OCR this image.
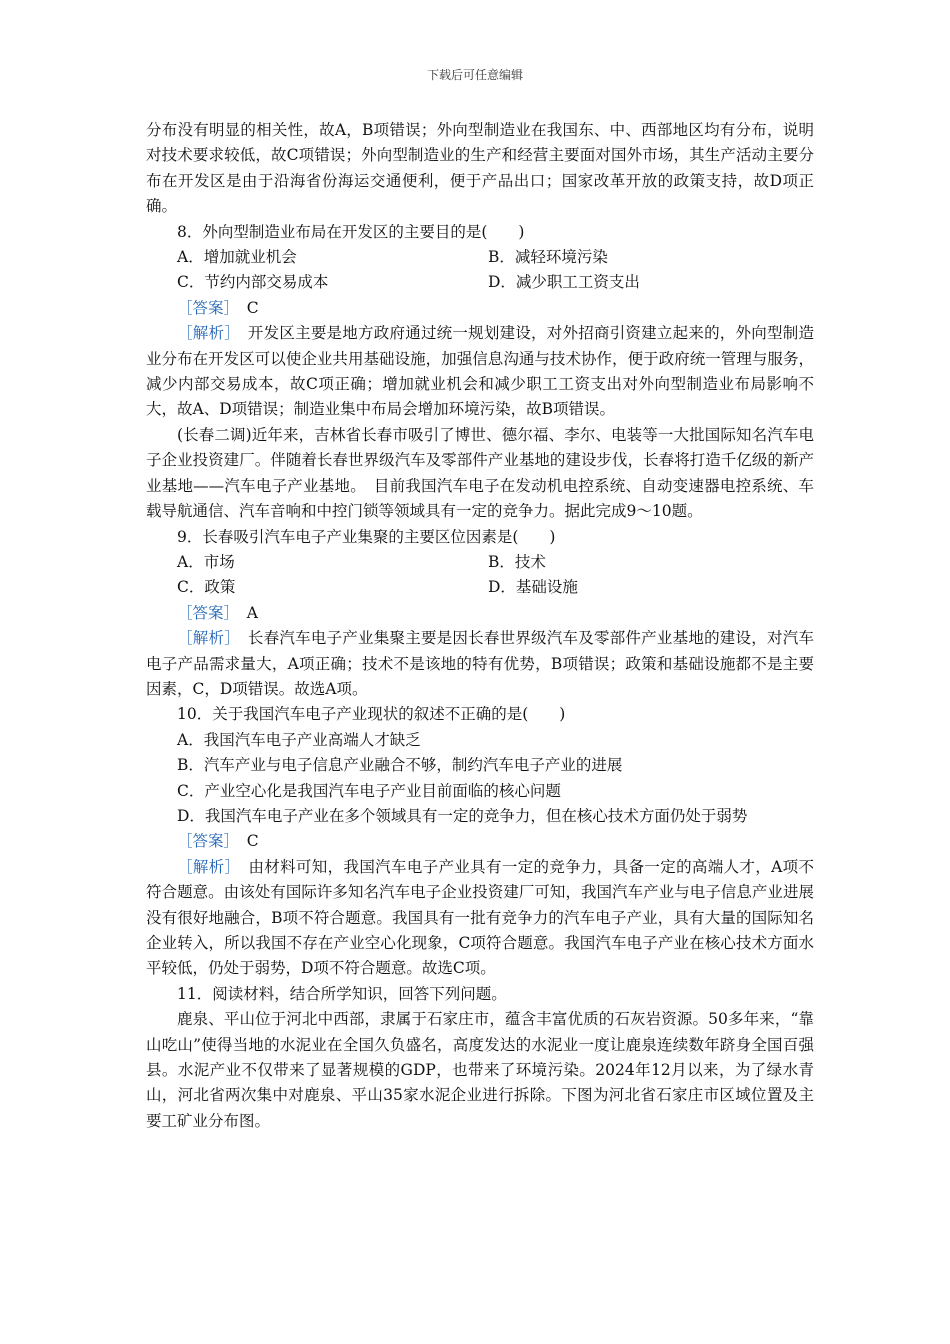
下载后可任意编辑

分布没有明显的相关性，故A，B项错误；外向型制造业在我国东、中、西部地区均有分布，说明对技术要求较低，故C项错误；外向型制造业的生产和经营主要面对国外市场，其生产活动主要分布在开发区是由于沿海省份海运交通便利，便于产品出口；国家改革开放的政策支持，故D项正确。

8．外向型制造业布局在开发区的主要目的是(　　)

A．增加就业机会	B．减轻环境污染
C．节约内部交易成本	D．减少职工工资支出

［答案］　 C

［解析］　 开发区主要是地方政府通过统一规划建设，对外招商引资建立起来的，外向型制造业分布在开发区可以使企业共用基础设施，加强信息沟通与技术协作，便于政府统一管理与服务，减少内部交易成本，故C项正确；增加就业机会和减少职工工资支出对外向型制造业布局影响不大，故A、D项错误；制造业集中布局会增加环境污染，故B项错误。

(长春二调)近年来，吉林省长春市吸引了博世、德尔福、李尔、电装等一大批国际知名汽车电子企业投资建厂。伴随着长春世界级汽车及零部件产业基地的建设步伐，长春将打造千亿级的新产业基地——汽车电子产业基地。　目前我国汽车电子在发动机电控系统、自动变速器电控系统、车载导航通信、汽车音响和中控门锁等领域具有一定的竞争力。据此完成9～10题。

9．长春吸引汽车电子产业集聚的主要区位因素是(　　)

A．市场	B．技术
C．政策	D．基础设施

［答案］　 A

［解析］　 长春汽车电子产业集聚主要是因长春世界级汽车及零部件产业基地的建设，对汽车电子产品需求量大，A项正确；技术不是该地的特有优势，B项错误；政策和基础设施都不是主要因素，C，D项错误。故选A项。

10．关于我国汽车电子产业现状的叙述不正确的是(　　)

A．我国汽车电子产业高端人才缺乏

B．汽车产业与电子信息产业融合不够，制约汽车电子产业的进展

C．产业空心化是我国汽车电子产业目前面临的核心问题

D．我国汽车电子产业在多个领域具有一定的竞争力，但在核心技术方面仍处于弱势

［答案］　 C

［解析］　 由材料可知，我国汽车电子产业具有一定的竞争力，具备一定的高端人才，A项不符合题意。由该处有国际许多知名汽车电子企业投资建厂可知，我国汽车产业与电子信息产业进展没有很好地融合，B项不符合题意。我国具有一批有竞争力的汽车电子产业，具有大量的国际知名企业转入，所以我国不存在产业空心化现象，C项符合题意。我国汽车电子产业在核心技术方面水平较低，仍处于弱势，D项不符合题意。故选C项。

11．阅读材料，结合所学知识，回答下列问题。

鹿泉、平山位于河北中西部，隶属于石家庄市，蕴含丰富优质的石灰岩资源。50多年来，“靠山吃山”使得当地的水泥业在全国久负盛名，高度发达的水泥业一度让鹿泉连续数年跻身全国百强县。水泥产业不仅带来了显著规模的GDP，也带来了环境污染。2024年12月以来，为了绿水青山，河北省两次集中对鹿泉、平山35家水泥企业进行拆除。下图为河北省石家庄市区域位置及主要工矿业分布图。
